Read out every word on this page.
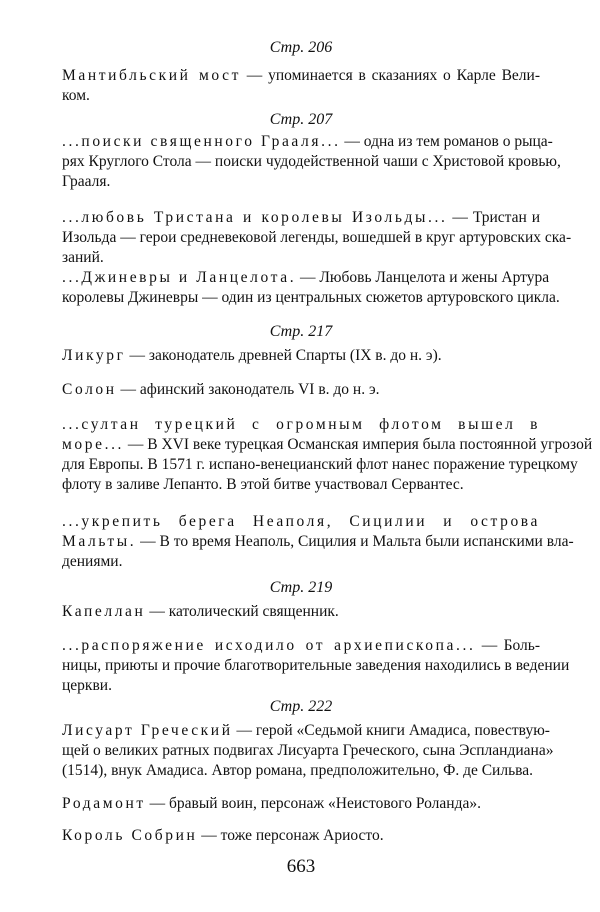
Стр. 206
Мантибльский мост — упоминается в сказаниях о Карле Вели-
ком.
Стр. 207
...поиски священного Грааля... — одна из тем романов о рыца-
рях Круглого Стола — поиски чудодейственной чаши с Христовой кровью,
Грааля.
...любовь Тристана и королевы Изольды... — Тристан и
Изольда — герои средневековой легенды, вошедшей в круг артуровских ска-
заний.
...Джиневры и Ланцелота. — Любовь Ланцелота и жены Артура
королевы Джиневры — один из центральных сюжетов артуровского цикла.
Стр. 217
Ликург — законодатель древней Спарты (IX в. до н. э).
Солон — афинский законодатель VI в. до н. э.
...султан турецкий с огромным флотом вышел в
море... — В XVI веке турецкая Османская империя была постоянной угрозой
для Европы. В 1571 г. испано-венецианский флот нанес поражение турецкому
флоту в заливе Лепанто. В этой битве участвовал Сервантес.
...укрепить берега Неаполя, Сицилии и острова
Мальты. — В то время Неаполь, Сицилия и Мальта были испанскими вла-
дениями.
Стр. 219
Капеллан — католический священник.
...распоряжение исходило от архиепископа... — Боль-
ницы, приюты и прочие благотворительные заведения находились в ведении
церкви.
Стр. 222
Лисуарт Греческий — герой «Седьмой книги Амадиса, повествую-
щей о великих ратных подвигах Лисуарта Греческого, сына Эспландиана»
(1514), внук Амадиса. Автор романа, предположительно, Ф. де Сильва.
Родамонт — бравый воин, персонаж «Неистового Роланда».
Король Собрин — тоже персонаж Ариосто.
663
